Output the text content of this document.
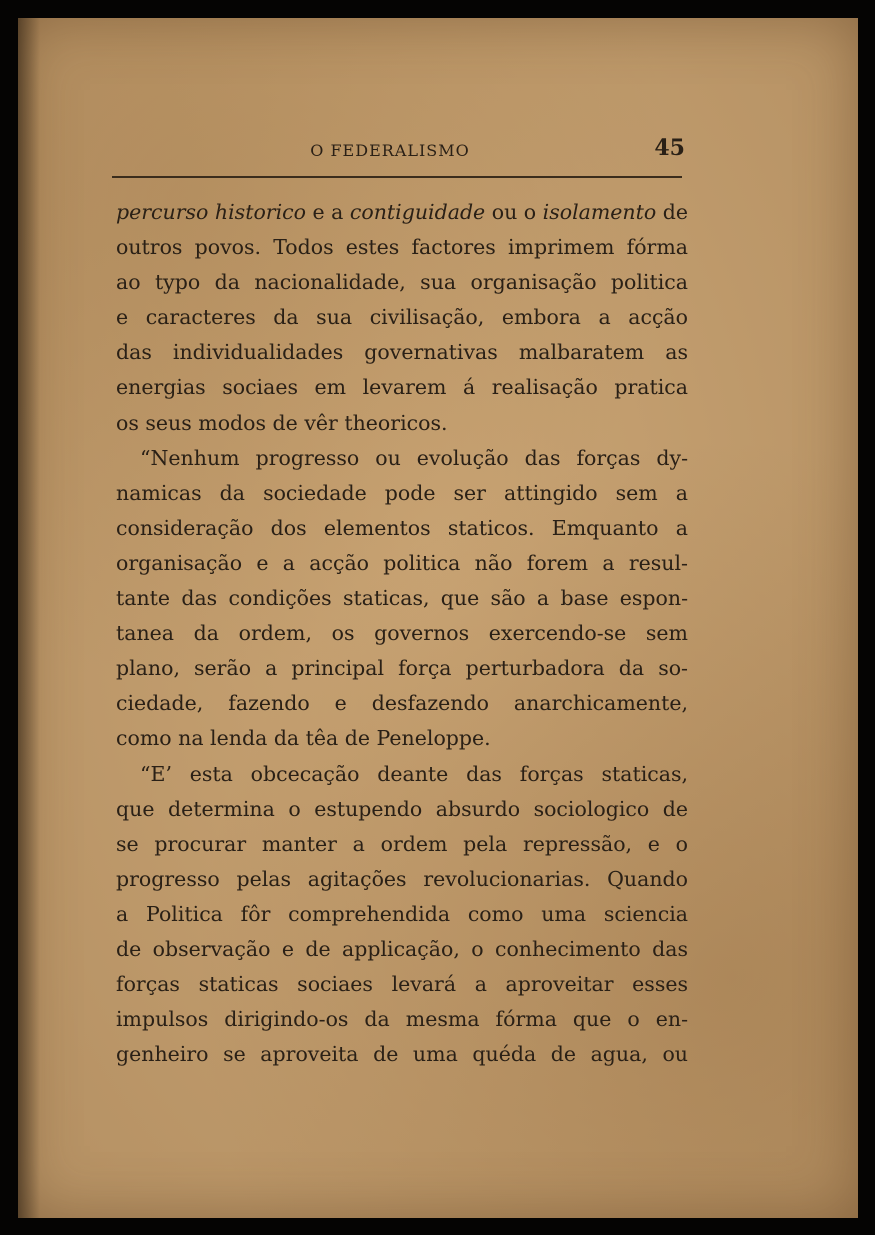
O FEDERALISMO	45
percurso historico e a contiguidade ou o isolamento de
outros povos. Todos estes factores imprimem fórma
ao typo da nacionalidade, sua organisação politica
e caracteres da sua civilisação, embora a acção
das individualidades governativas malbaratem as
energias sociaes em levarem á realisação pratica
os seus modos de vêr theoricos.
“Nenhum progresso ou evolução das forças dy-
namicas da sociedade pode ser attingido sem a
consideração dos elementos staticos. Emquanto a
organisação e a acção politica não forem a resul-
tante das condições staticas, que são a base espon-
tanea da ordem, os governos exercendo-se sem
plano, serão a principal força perturbadora da so-
ciedade, fazendo e desfazendo anarchicamente,
como na lenda da têa de Peneloppe.
“E’ esta obcecação deante das forças staticas,
que determina o estupendo absurdo sociologico de
se procurar manter a ordem pela repressão, e o
progresso pelas agitações revolucionarias. Quando
a Politica fôr comprehendida como uma sciencia
de observação e de applicação, o conhecimento das
forças staticas sociaes levará a aproveitar esses
impulsos dirigindo-os da mesma fórma que o en-
genheiro se aproveita de uma quéda de agua, ou
